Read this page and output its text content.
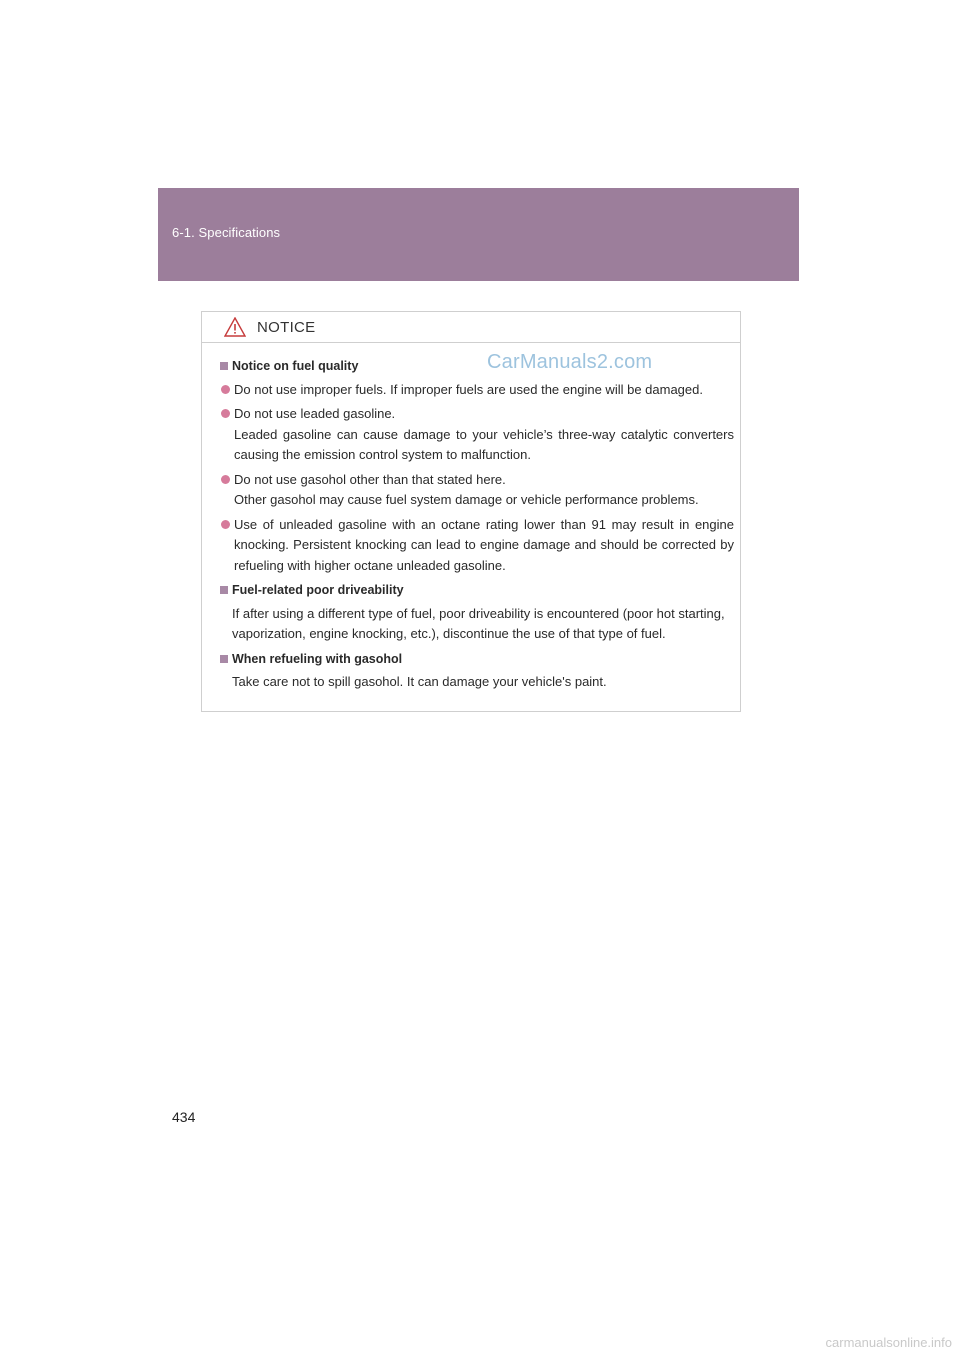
6-1. Specifications
NOTICE
Notice on fuel quality
Do not use improper fuels. If improper fuels are used the engine will be damaged.
Do not use leaded gasoline.
Leaded gasoline can cause damage to your vehicle’s three-way catalytic converters causing the emission control system to malfunction.
Do not use gasohol other than that stated here.
Other gasohol may cause fuel system damage or vehicle performance problems.
Use of unleaded gasoline with an octane rating lower than 91 may result in engine knocking. Persistent knocking can lead to engine damage and should be corrected by refueling with higher octane unleaded gasoline.
Fuel-related poor driveability
If after using a different type of fuel, poor driveability is encountered (poor hot starting, vaporization, engine knocking, etc.), discontinue the use of that type of fuel.
When refueling with gasohol
Take care not to spill gasohol. It can damage your vehicle's paint.
CarManuals2.com
434
carmanualsonline.info
